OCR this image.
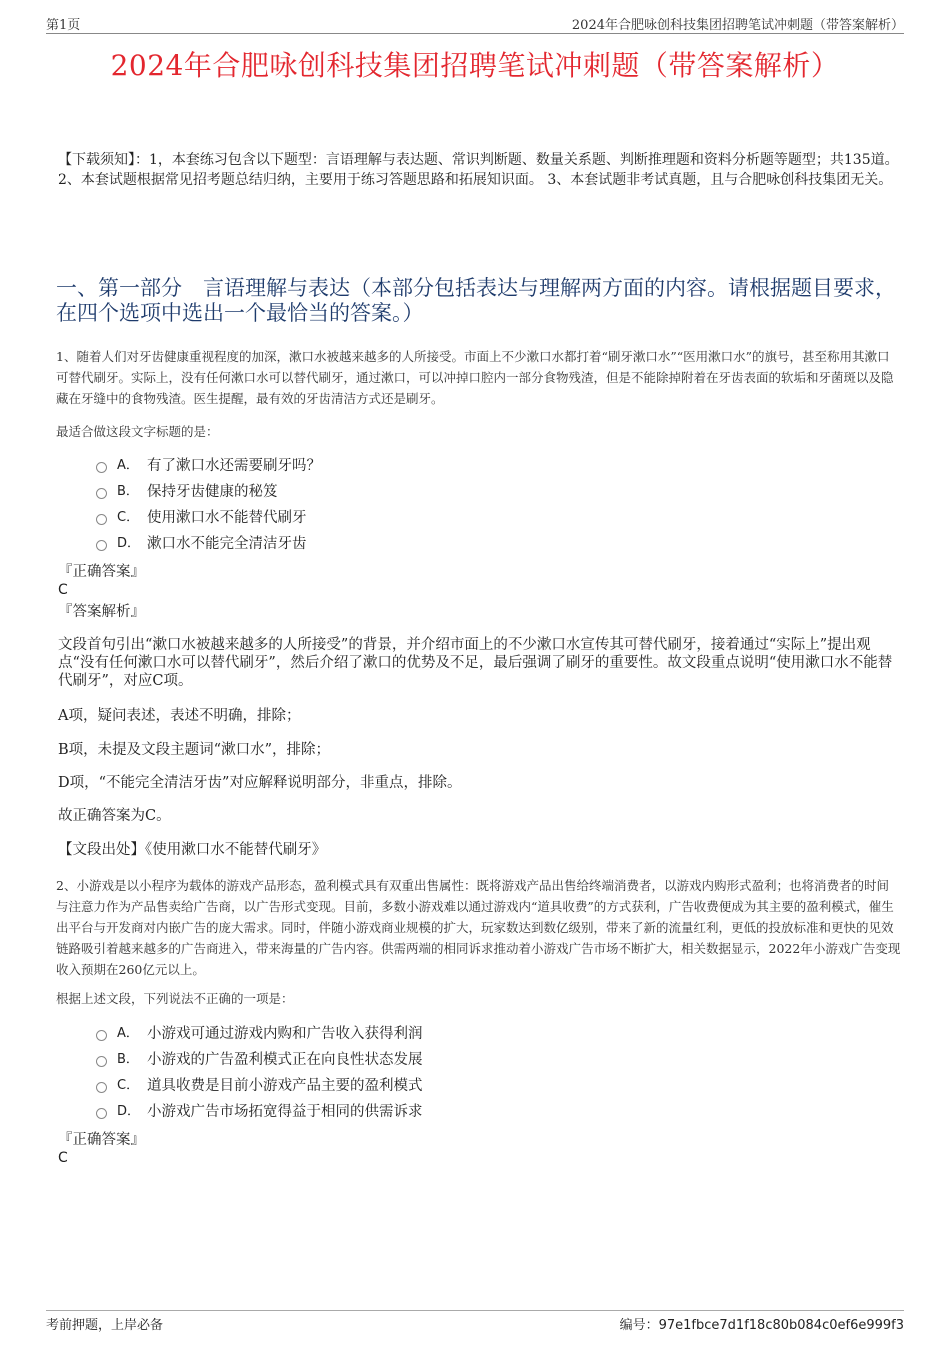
第1页	2024年合肥咏创科技集团招聘笔试冲刺题（带答案解析）
2024年合肥咏创科技集团招聘笔试冲刺题（带答案解析）
【下载须知】：1，本套练习包含以下题型：言语理解与表达题、常识判断题、数量关系题、判断推理题和资料分析题等题型；共135道。 2、本套试题根据常见招考题总结归纳，主要用于练习答题思路和拓展知识面。 3、本套试题非考试真题，且与合肥咏创科技集团无关。
一、第一部分　言语理解与表达（本部分包括表达与理解两方面的内容。请根据题目要求，在四个选项中选出一个最恰当的答案。）
1、随着人们对牙齿健康重视程度的加深，漱口水被越来越多的人所接受。市面上不少漱口水都打着“刷牙漱口水”“医用漱口水”的旗号，甚至称用其漱口可替代刷牙。实际上，没有任何漱口水可以替代刷牙，通过漱口，可以冲掉口腔内一部分食物残渣，但是不能除掉附着在牙齿表面的软垢和牙菌斑以及隐藏在牙缝中的食物残渣。医生提醒，最有效的牙齿清洁方式还是刷牙。
最适合做这段文字标题的是：
A． 有了漱口水还需要刷牙吗？
B． 保持牙齿健康的秘笈
C． 使用漱口水不能替代刷牙
D． 漱口水不能完全清洁牙齿
『正确答案』
C
『答案解析』
文段首句引出“漱口水被越来越多的人所接受”的背景，并介绍市面上的不少漱口水宣传其可替代刷牙，接着通过“实际上”提出观点“没有任何漱口水可以替代刷牙”，然后介绍了漱口的优势及不足，最后强调了刷牙的重要性。故文段重点说明“使用漱口水不能替代刷牙”，对应C项。
A项，疑问表述，表述不明确，排除；
B项，未提及文段主题词“漱口水”，排除；
D项，“不能完全清洁牙齿”对应解释说明部分，非重点，排除。
故正确答案为C。
【文段出处】《使用漱口水不能替代刷牙》
2、小游戏是以小程序为载体的游戏产品形态，盈利模式具有双重出售属性：既将游戏产品出售给终端消费者，以游戏内购形式盈利；也将消费者的时间与注意力作为产品售卖给广告商，以广告形式变现。目前，多数小游戏难以通过游戏内“道具收费”的方式获利，广告收费便成为其主要的盈利模式，催生出平台与开发商对内嵌广告的庞大需求。同时，伴随小游戏商业规模的扩大，玩家数达到数亿级别，带来了新的流量红利，更低的投放标准和更快的见效链路吸引着越来越多的广告商进入，带来海量的广告内容。供需两端的相同诉求推动着小游戏广告市场不断扩大，相关数据显示，2022年小游戏广告变现收入预期在260亿元以上。
根据上述文段，下列说法不正确的一项是：
A． 小游戏可通过游戏内购和广告收入获得利润
B． 小游戏的广告盈利模式正在向良性状态发展
C． 道具收费是目前小游戏产品主要的盈利模式
D． 小游戏广告市场拓宽得益于相同的供需诉求
『正确答案』
C
考前押题，上岸必备	编号：97e1fbce7d1f18c80b084c0ef6e999f3
